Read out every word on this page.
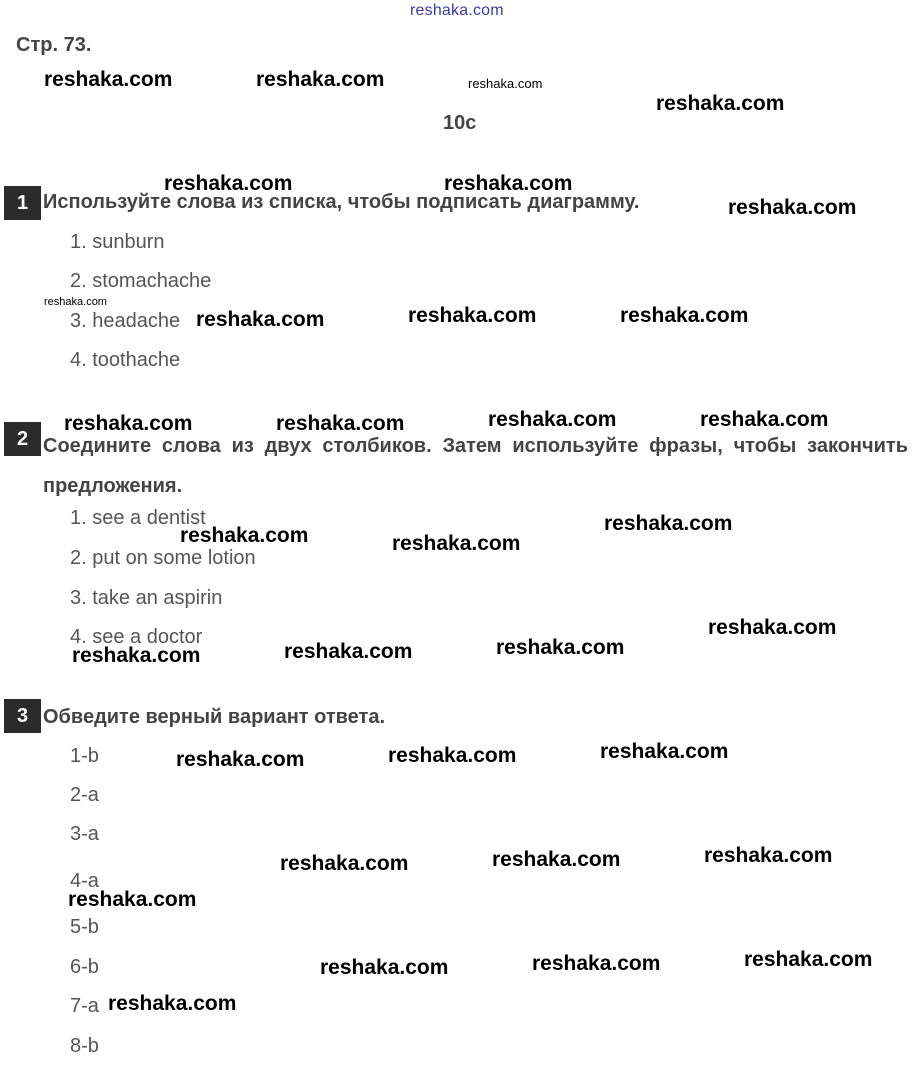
reshaka.com
Стр. 73.
10c
1 Используйте слова из списка, чтобы подписать диаграмму.
1. sunburn
2. stomachache
3. headache
4. toothache
2 Соедините слова из двух столбиков. Затем используйте фразы, чтобы закончить предложения.
1. see a dentist
2. put on some lotion
3. take an aspirin
4. see a doctor
3 Обведите верный вариант ответа.
1-b
2-a
3-a
4-a
5-b
6-b
7-a
8-b
reshaka.com	reshaka.com	reshaka.com
reshaka.com
reshaka.com	reshaka.com
reshaka.com
reshaka.com
reshaka.com	reshaka.com	reshaka.com
reshaka.com	reshaka.com	reshaka.com	reshaka.com
reshaka.com	reshaka.com
reshaka.com
reshaka.com	reshaka.com	reshaka.com
reshaka.com
reshaka.com	reshaka.com	reshaka.com
reshaka.com	reshaka.com	reshaka.com
reshaka.com
reshaka.com	reshaka.com	reshaka.com
reshaka.com
